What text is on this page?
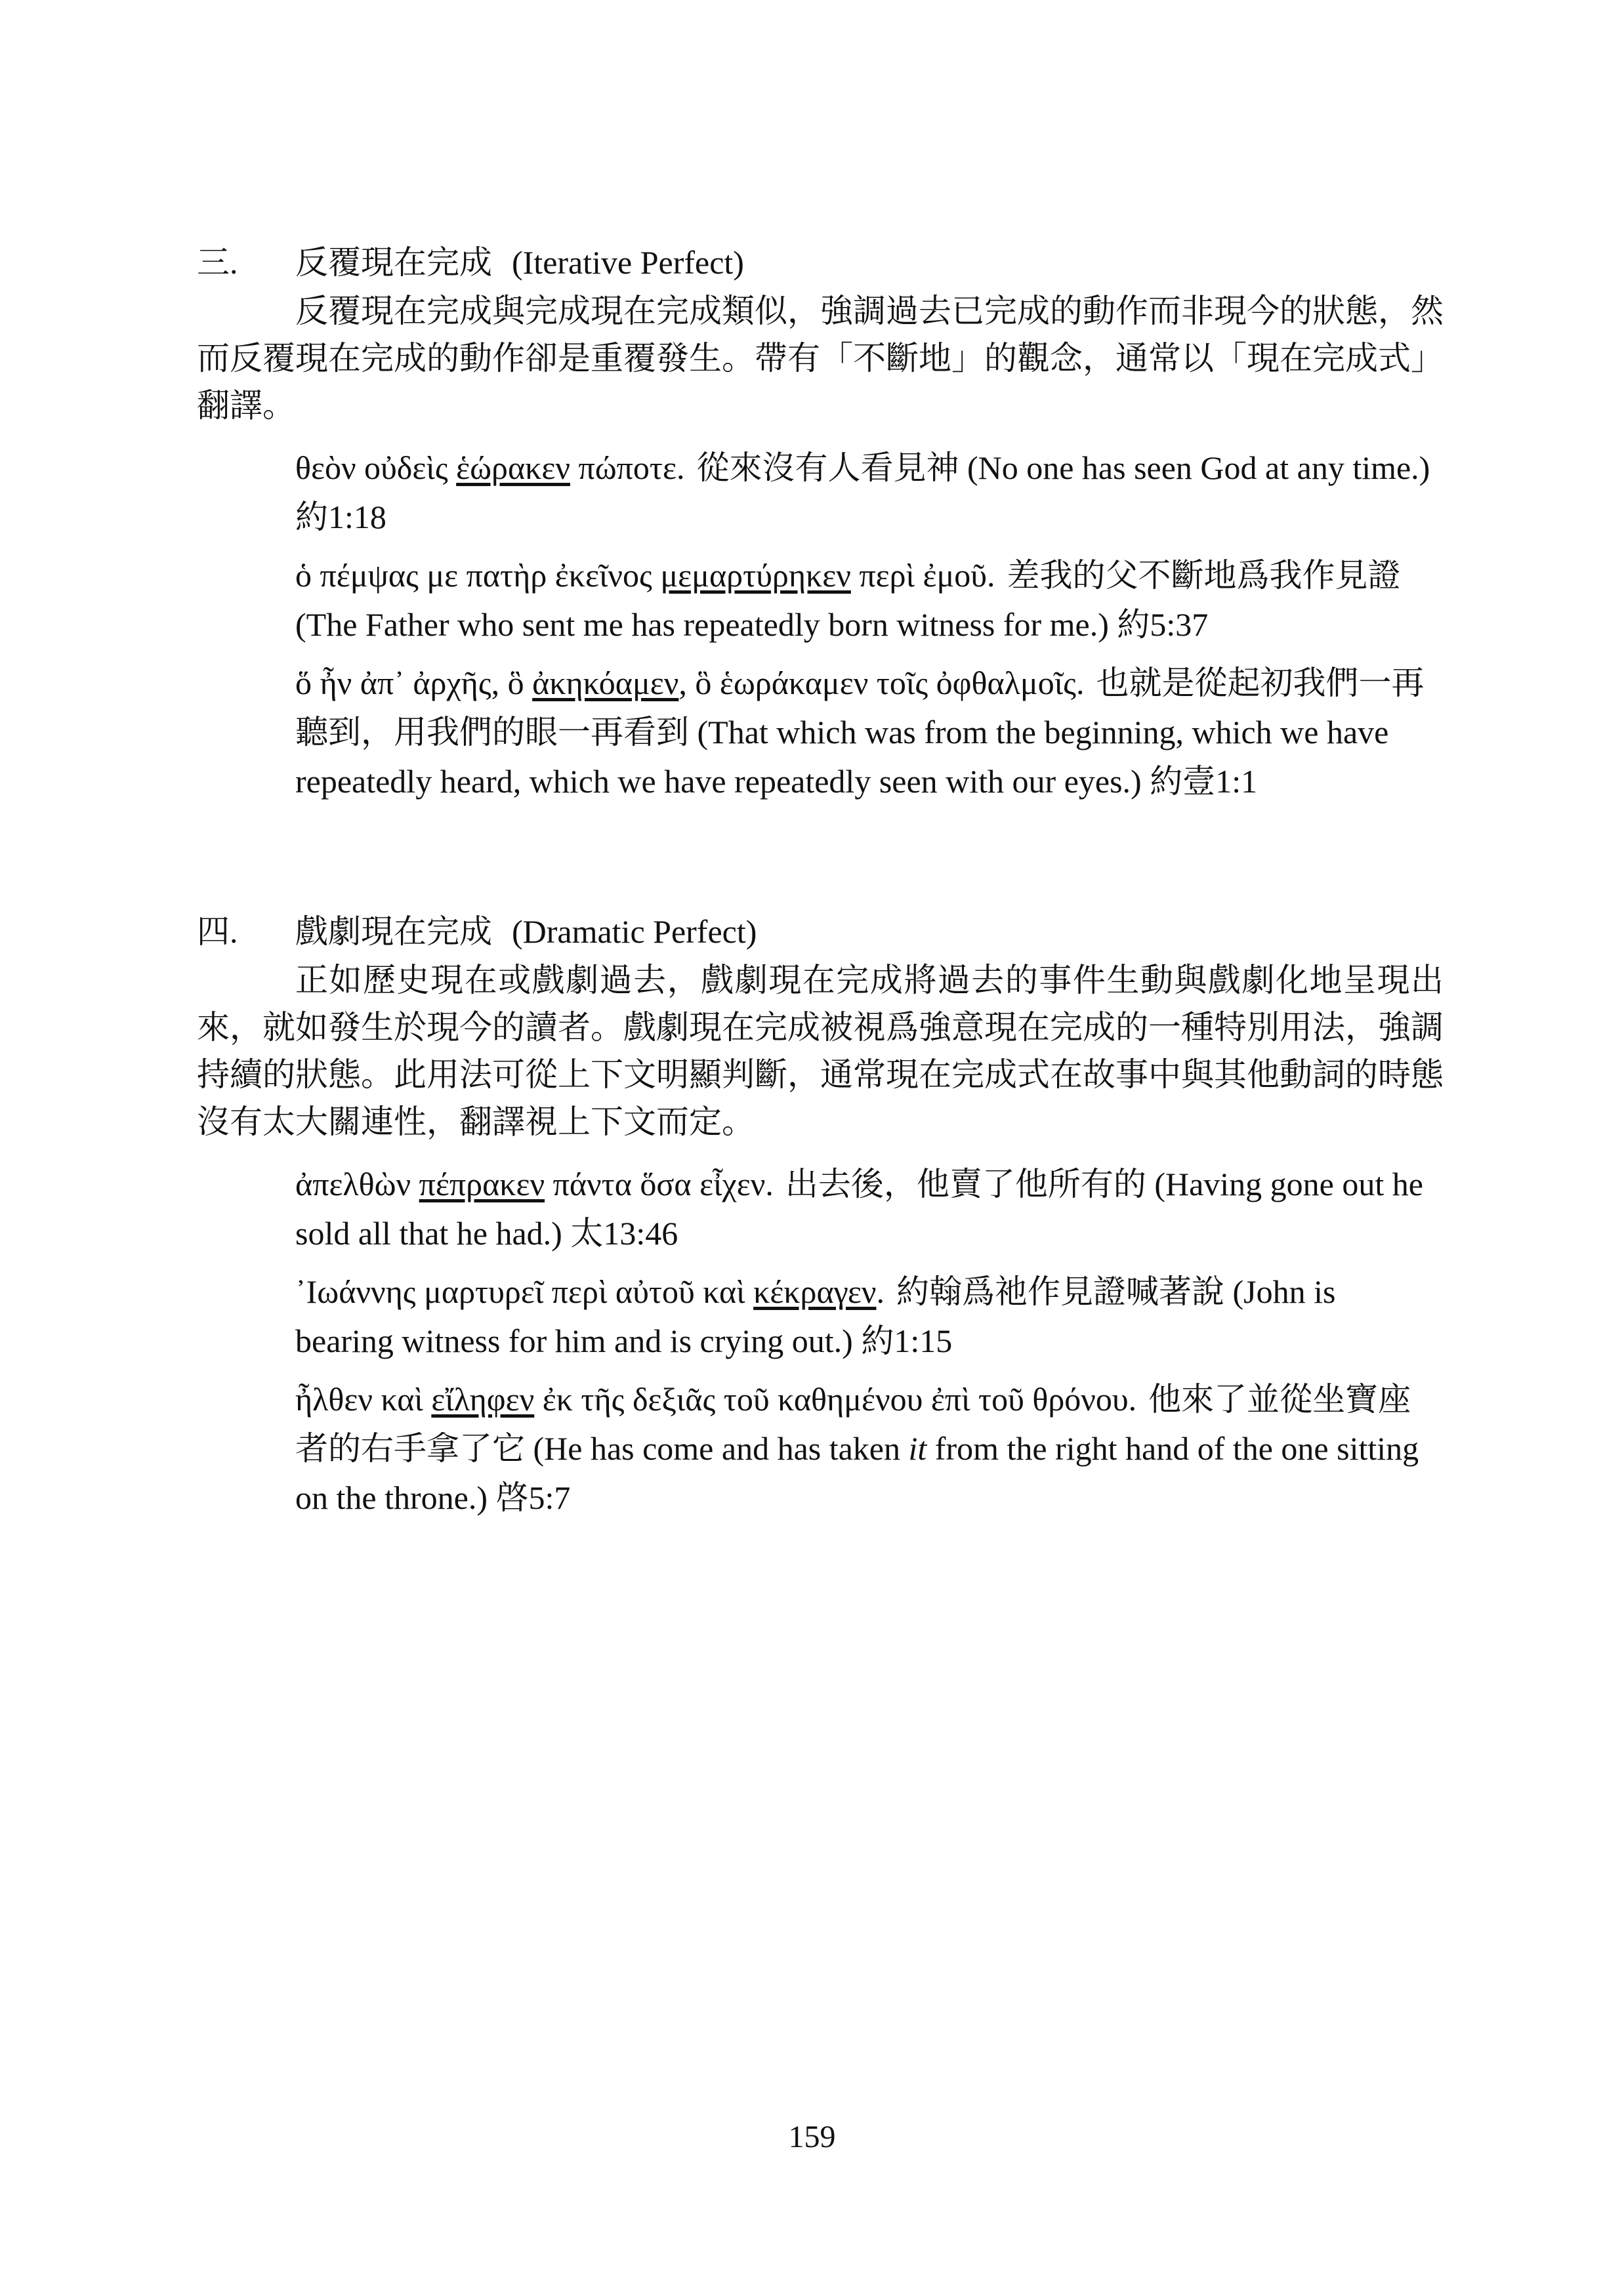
三. 反覆現在完成 (Iterative Perfect)
反覆現在完成與完成現在完成類似，強調過去已完成的動作而非現今的狀態，然而反覆現在完成的動作卻是重覆發生。帶有「不斷地」的觀念，通常以「現在完成式」翻譯。
θεὸν οὐδεὶς ἑώρακεν πώποτε. 從來沒有人看見神 (No one has seen God at any time.) 約1:18
ὁ πέμψας με πατὴρ ἐκεῖνος μεμαρτύρηκεν περὶ ἐμοῦ. 差我的父不斷地爲我作見證 (The Father who sent me has repeatedly born witness for me.) 約5:37
ὅ ἦν ἀπ᾽ ἀρχῆς, ὃ ἀκηκόαμεν, ὃ ἑωράκαμεν τοῖς ὀφθαλμοῖς. 也就是從起初我們一再聽到，用我們的眼一再看到 (That which was from the beginning, which we have repeatedly heard, which we have repeatedly seen with our eyes.) 約壹1:1
四. 戲劇現在完成 (Dramatic Perfect)
正如歷史現在或戲劇過去，戲劇現在完成將過去的事件生動與戲劇化地呈現出來，就如發生於現今的讀者。戲劇現在完成被視爲強意現在完成的一種特別用法，強調持續的狀態。此用法可從上下文明顯判斷，通常現在完成式在故事中與其他動詞的時態沒有太大關連性，翻譯視上下文而定。
ἀπελθὼν πέπρακεν πάντα ὅσα εἶχεν. 出去後，他賣了他所有的 (Having gone out he sold all that he had.) 太13:46
᾽Ιωάννης μαρτυρεῖ περὶ αὐτοῦ καὶ κέκραγεν. 約翰爲祂作見證喊著說 (John is bearing witness for him and is crying out.) 約1:15
ἦλθεν καὶ εἴληφεν ἐκ τῆς δεξιᾶς τοῦ καθημένου ἐπὶ τοῦ θρόνου. 他來了並從坐寶座者的右手拿了它 (He has come and has taken it from the right hand of the one sitting on the throne.) 啓5:7
159
